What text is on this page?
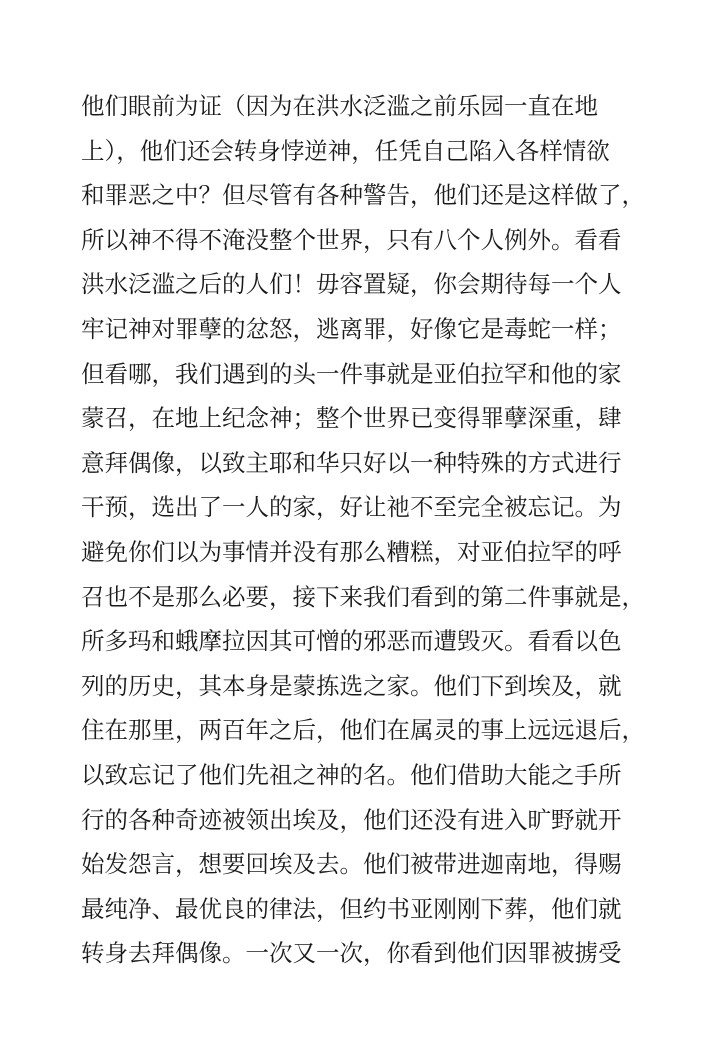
他们眼前为证（因为在洪水泛滥之前乐园一直在地
上），他们还会转身悖逆神，任凭自己陷入各样情欲
和罪恶之中？但尽管有各种警告，他们还是这样做了，
所以神不得不淹没整个世界，只有八个人例外。看看
洪水泛滥之后的人们！毋容置疑，你会期待每一个人
牢记神对罪孽的忿怒，逃离罪，好像它是毒蛇一样；
但看哪，我们遇到的头一件事就是亚伯拉罕和他的家
蒙召，在地上纪念神；整个世界已变得罪孽深重，肆
意拜偶像，以致主耶和华只好以一种特殊的方式进行
干预，选出了一人的家，好让祂不至完全被忘记。为
避免你们以为事情并没有那么糟糕，对亚伯拉罕的呼
召也不是那么必要，接下来我们看到的第二件事就是，
所多玛和蛾摩拉因其可憎的邪恶而遭毁灭。看看以色
列的历史，其本身是蒙拣选之家。他们下到埃及，就
住在那里，两百年之后，他们在属灵的事上远远退后，
以致忘记了他们先祖之神的名。他们借助大能之手所
行的各种奇迹被领出埃及，他们还没有进入旷野就开
始发怨言，想要回埃及去。他们被带进迦南地，得赐
最纯净、最优良的律法，但约书亚刚刚下葬，他们就
转身去拜偶像。一次又一次，你看到他们因罪被掳受
